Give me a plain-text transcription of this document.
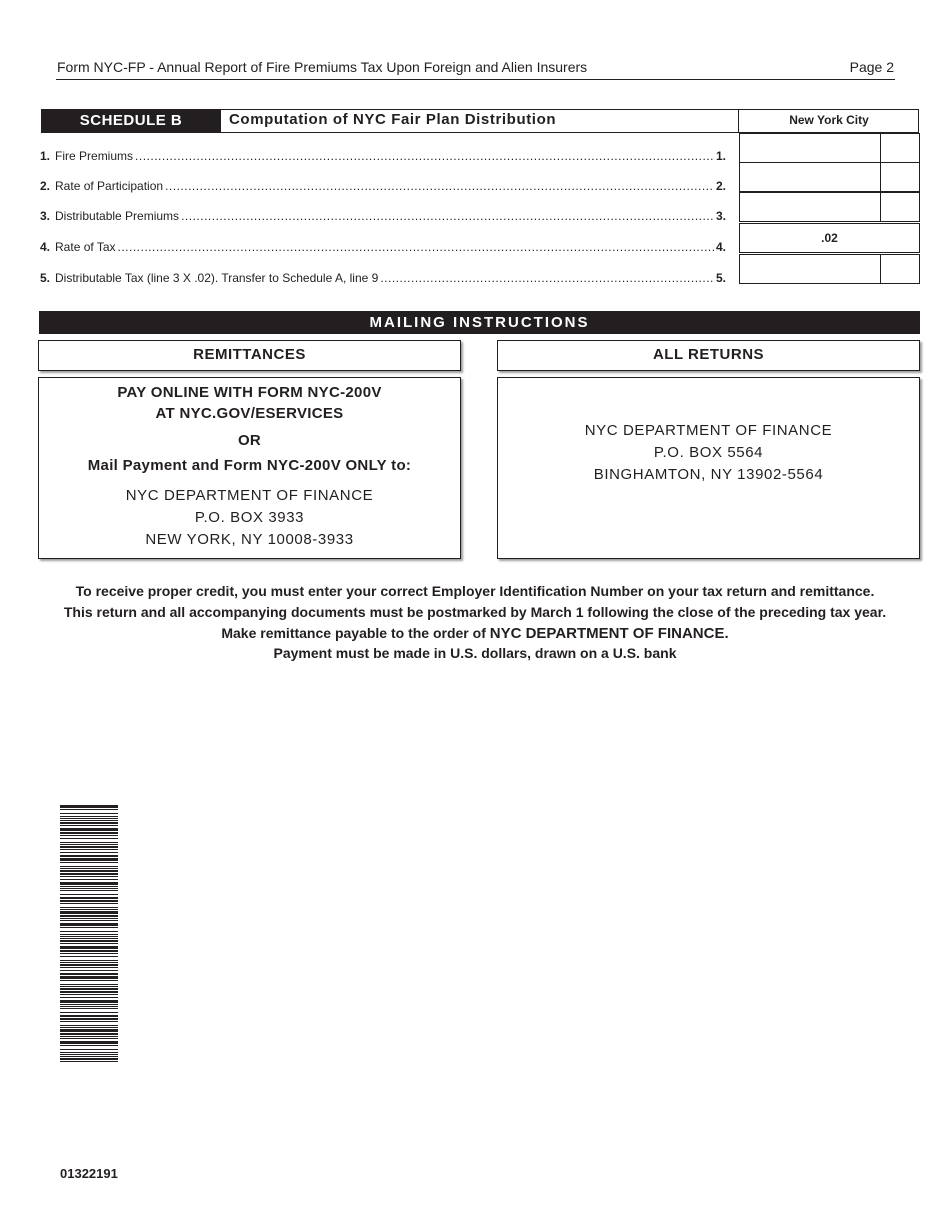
Form NYC-FP - Annual Report of Fire Premiums Tax Upon Foreign and Alien Insurers	Page 2
SCHEDULE B	Computation of NYC Fair Plan Distribution	New York City
1. Fire Premiums .....	1.
2. Rate of Participation .....	2.
3. Distributable Premiums .....	3.
4. Rate of Tax .....	4.
.02
5. Distributable Tax (line 3 X .02). Transfer to Schedule A, line 9 .....	5.
MAILING INSTRUCTIONS
REMITTANCES	ALL RETURNS
PAY ONLINE WITH FORM NYC-200V
AT NYC.GOV/ESERVICES
OR
Mail Payment and Form NYC-200V ONLY to:
NYC DEPARTMENT OF FINANCE
P.O. BOX 3933
NEW YORK, NY 10008-3933
NYC DEPARTMENT OF FINANCE
P.O. BOX 5564
BINGHAMTON, NY 13902-5564
To receive proper credit, you must enter your correct Employer Identification Number on your tax return and remittance.
This return and all accompanying documents must be postmarked by March 1 following the close of the preceding tax year.
Make remittance payable to the order of NYC DEPARTMENT OF FINANCE.
Payment must be made in U.S. dollars, drawn on a U.S. bank
01322191
